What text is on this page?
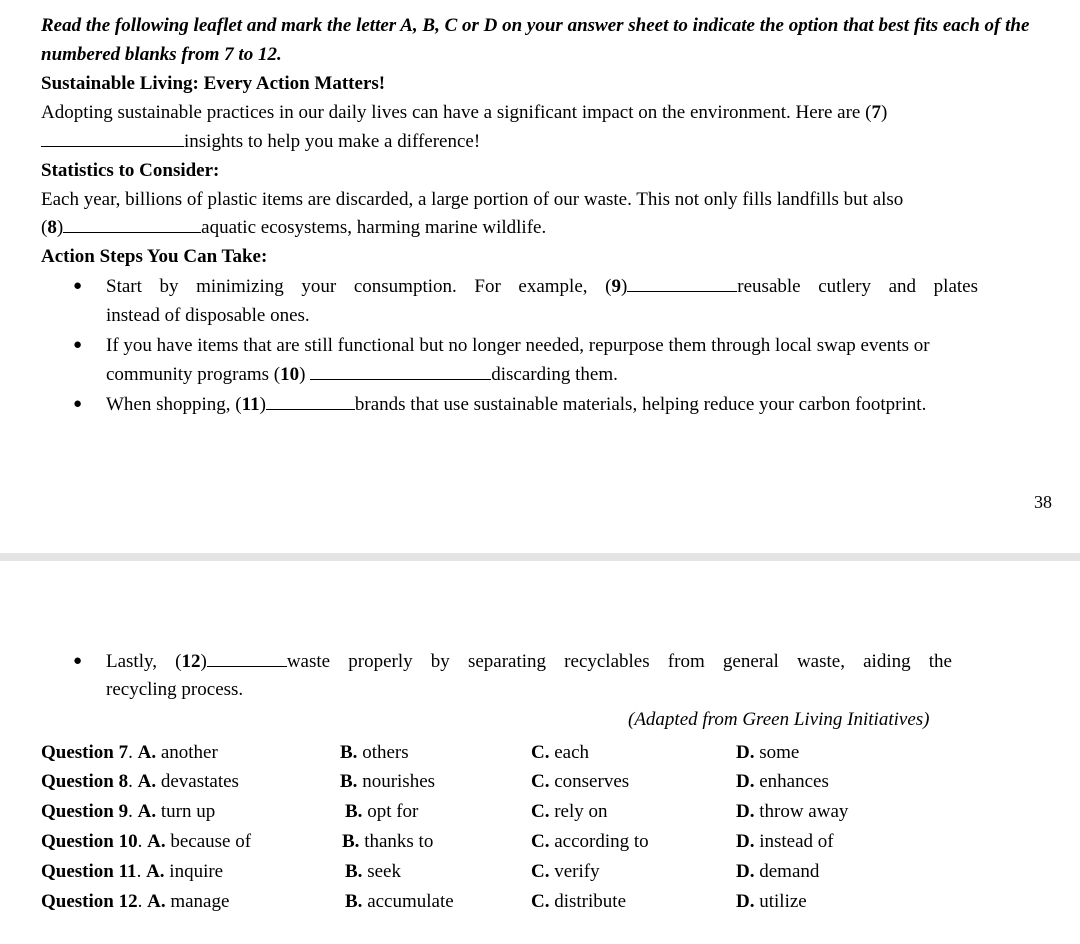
Read the following leaflet and mark the letter A, B, C or D on your answer sheet to indicate the option that best fits each of the numbered blanks from 7 to 12.
Sustainable Living: Every Action Matters!
Adopting sustainable practices in our daily lives can have a significant impact on the environment. Here are (7)
insights to help you make a difference!
Statistics to Consider:
Each year, billions of plastic items are discarded, a large portion of our waste. This not only fills landfills but also
(8)	aquatic ecosystems, harming marine wildlife.
Action Steps You Can Take:
● Start by minimizing your consumption. For example, (9)	reusable cutlery and plates
instead of disposable ones.
● If you have items that are still functional but no longer needed, repurpose them through local swap events or
community programs (10)	discarding them.
● When shopping, (11)	brands that use sustainable materials, helping reduce your carbon footprint.
38
● Lastly, (12)	waste properly by separating recyclables from general waste, aiding the
recycling process.
(Adapted from Green Living Initiatives)
Question 7. A. another	B. others	C. each	D. some
Question 8. A. devastates	B. nourishes	C. conserves	D. enhances
Question 9. A. turn up	B. opt for	C. rely on	D. throw away
Question 10. A. because of	B. thanks to	C. according to	D. instead of
Question 11. A. inquire	B. seek	C. verify	D. demand
Question 12. A. manage	B. accumulate	C. distribute	D. utilize
